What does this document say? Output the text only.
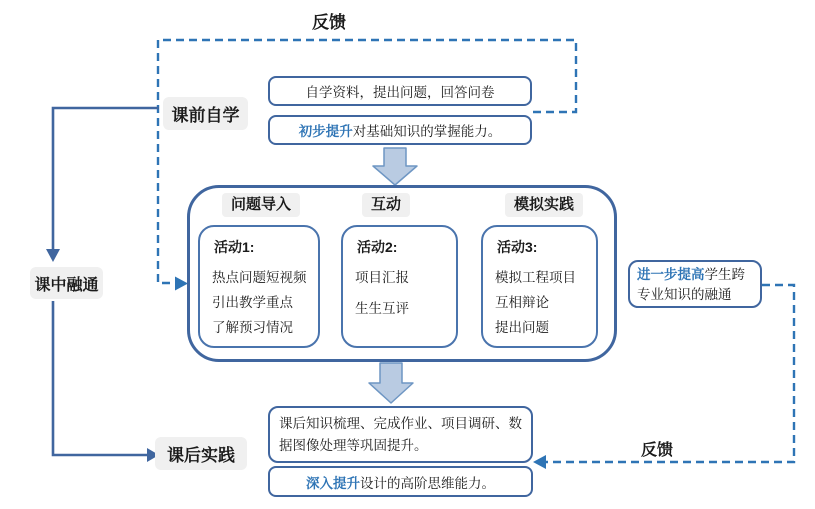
反馈
反馈
课前自学
课中融通
课后实践
自学资料，提出问题，回答问卷
初步提升 对基础知识的掌握能力。
问题导入	互动	模拟实践
活动1:
热点问题短视频
引出教学重点
了解预习情况
活动2:
项目汇报
生生互评
活动3:
模拟工程项目
互相辩论
提出问题
进一步提高学生跨专业知识的融通
课后知识梳理、完成作业、项目调研、数据图像处理等巩固提升。
深入提升 设计的高阶思维能力。
